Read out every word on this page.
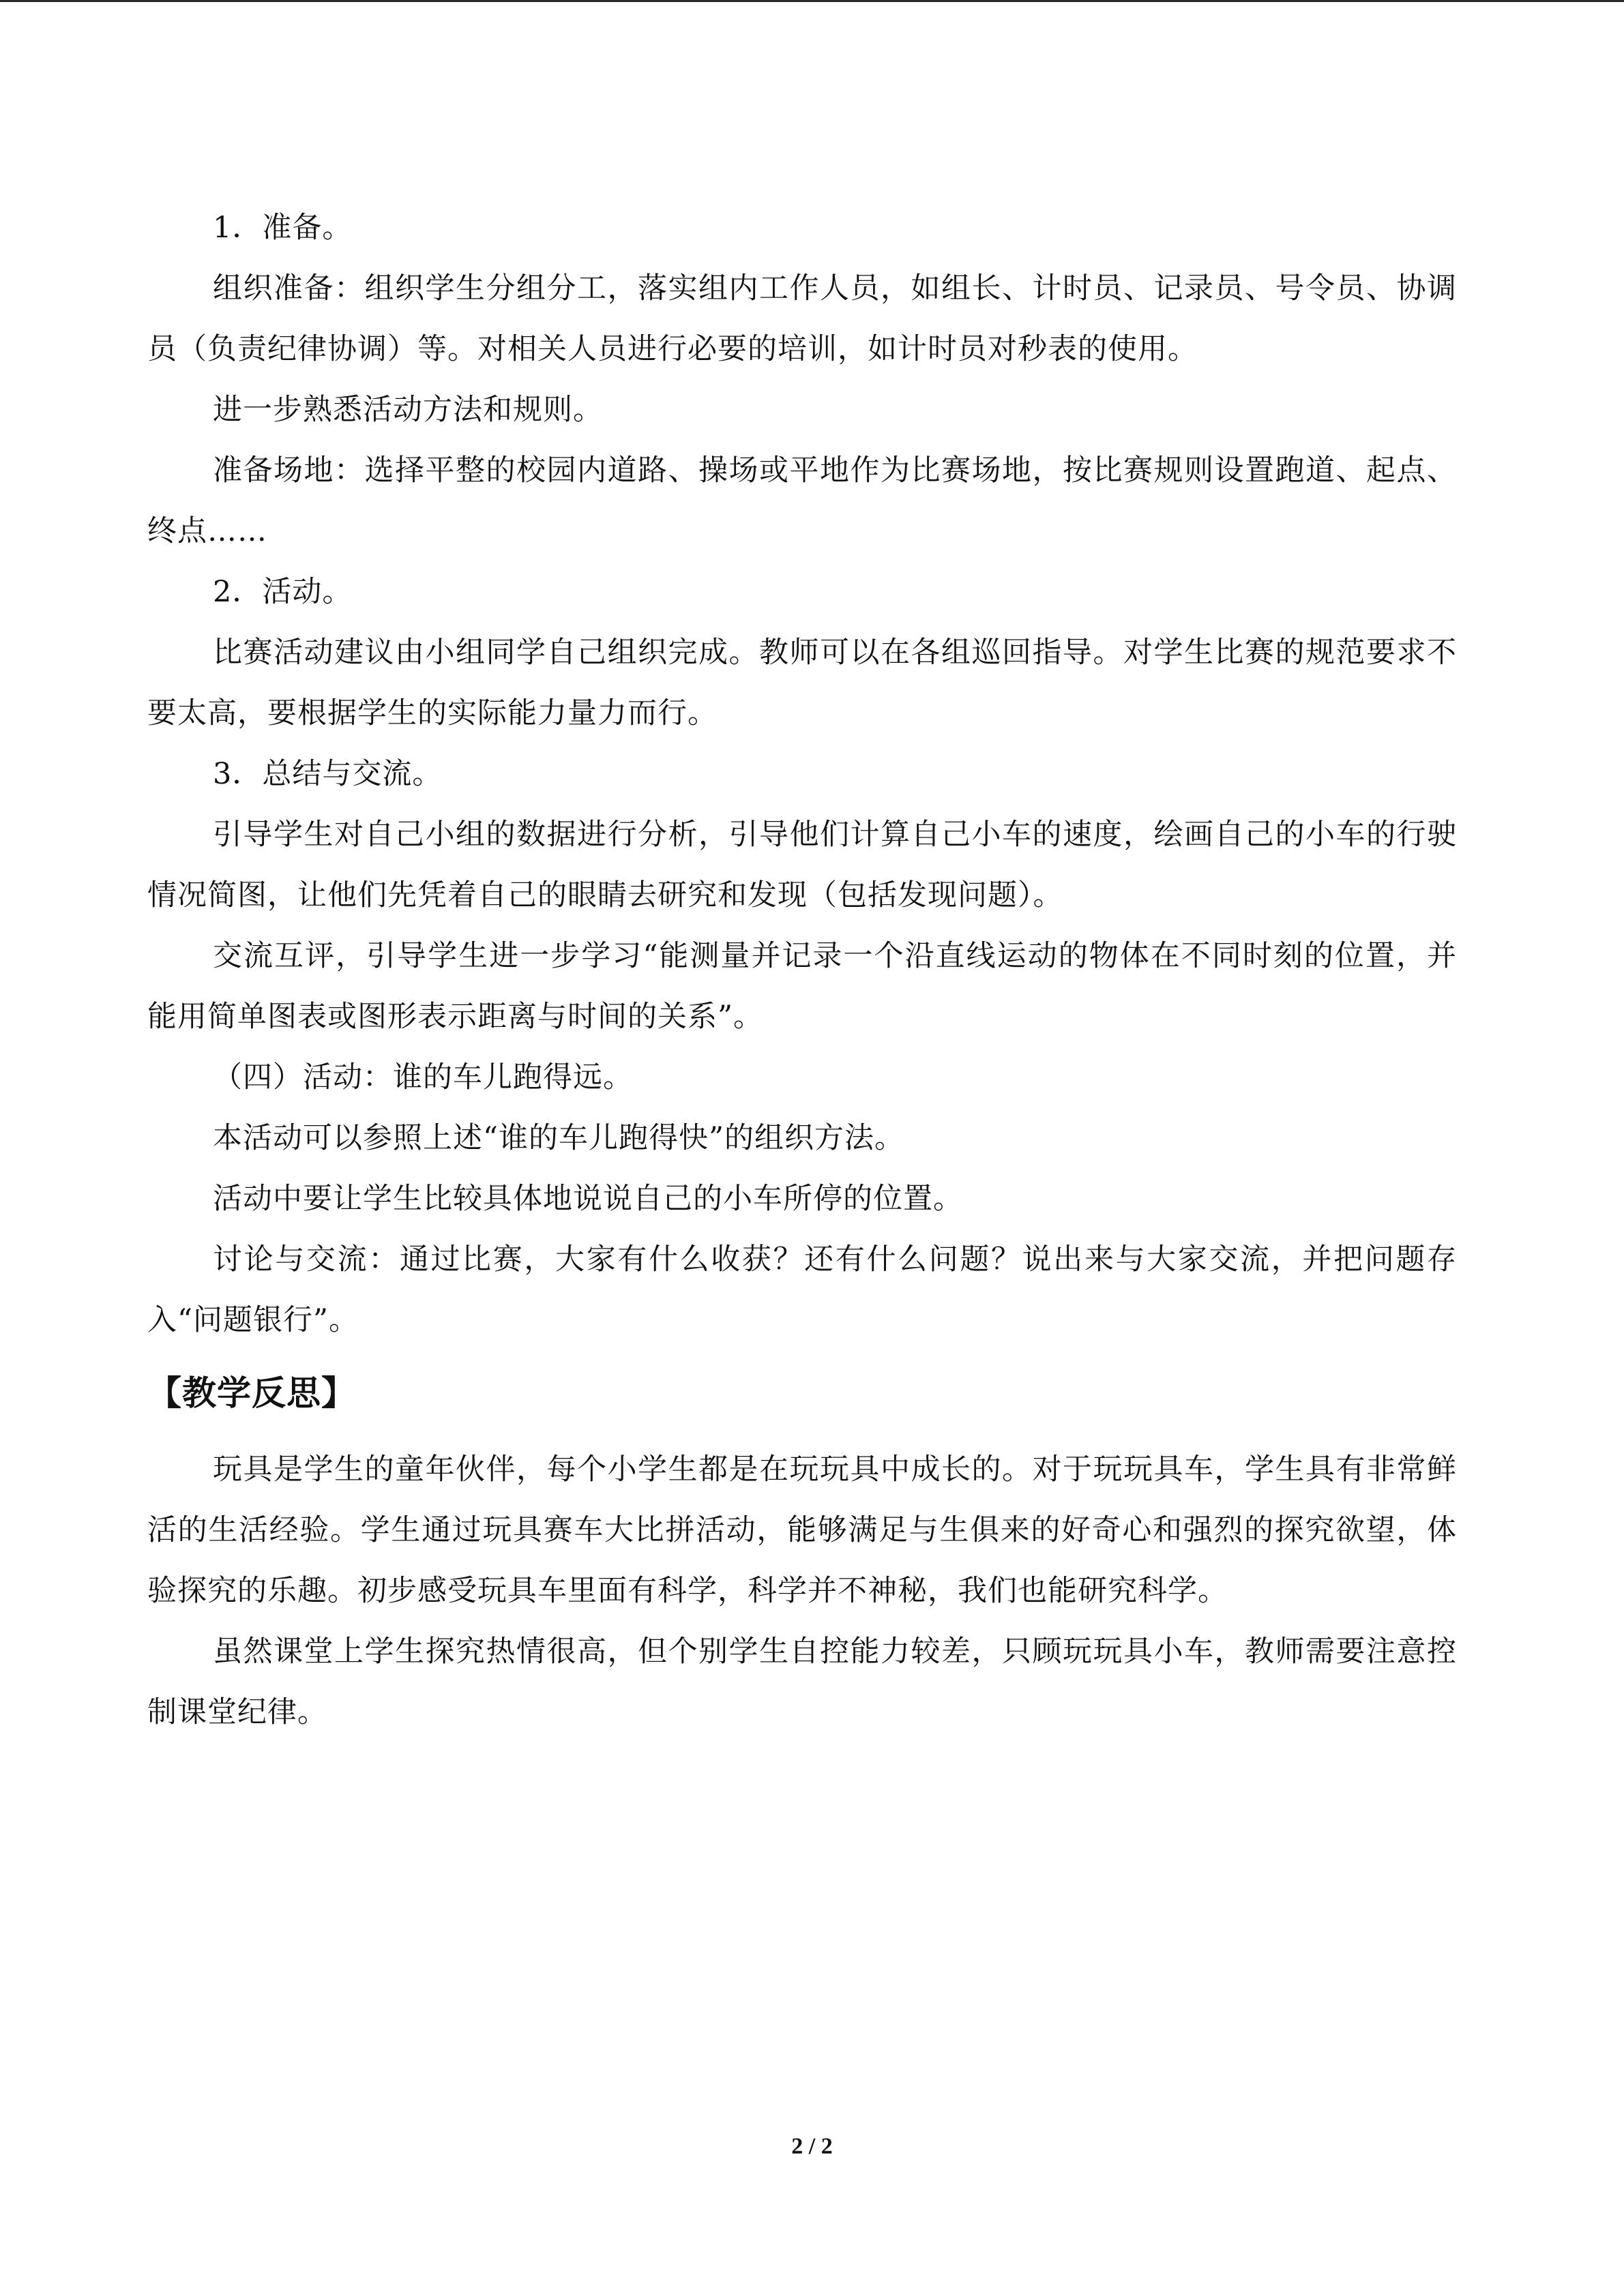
1．准备。

组织准备：组织学生分组分工，落实组内工作人员，如组长、计时员、记录员、号令员、协调员（负责纪律协调）等。对相关人员进行必要的培训，如计时员对秒表的使用。

进一步熟悉活动方法和规则。

准备场地：选择平整的校园内道路、操场或平地作为比赛场地，按比赛规则设置跑道、起点、终点……

2．活动。

比赛活动建议由小组同学自己组织完成。教师可以在各组巡回指导。对学生比赛的规范要求不要太高，要根据学生的实际能力量力而行。

3．总结与交流。

引导学生对自己小组的数据进行分析，引导他们计算自己小车的速度，绘画自己的小车的行驶情况简图，让他们先凭着自己的眼睛去研究和发现（包括发现问题）。

交流互评，引导学生进一步学习“能测量并记录一个沿直线运动的物体在不同时刻的位置，并能用简单图表或图形表示距离与时间的关系”。

（四）活动：谁的车儿跑得远。

本活动可以参照上述“谁的车儿跑得快”的组织方法。

活动中要让学生比较具体地说说自己的小车所停的位置。

讨论与交流：通过比赛，大家有什么收获？还有什么问题？说出来与大家交流，并把问题存入“问题银行”。

【教学反思】

玩具是学生的童年伙伴，每个小学生都是在玩玩具中成长的。对于玩玩具车，学生具有非常鲜活的生活经验。学生通过玩具赛车大比拼活动，能够满足与生俱来的好奇心和强烈的探究欲望，体验探究的乐趣。初步感受玩具车里面有科学，科学并不神秘，我们也能研究科学。

虽然课堂上学生探究热情很高，但个别学生自控能力较差，只顾玩玩具小车，教师需要注意控制课堂纪律。

2 / 2
